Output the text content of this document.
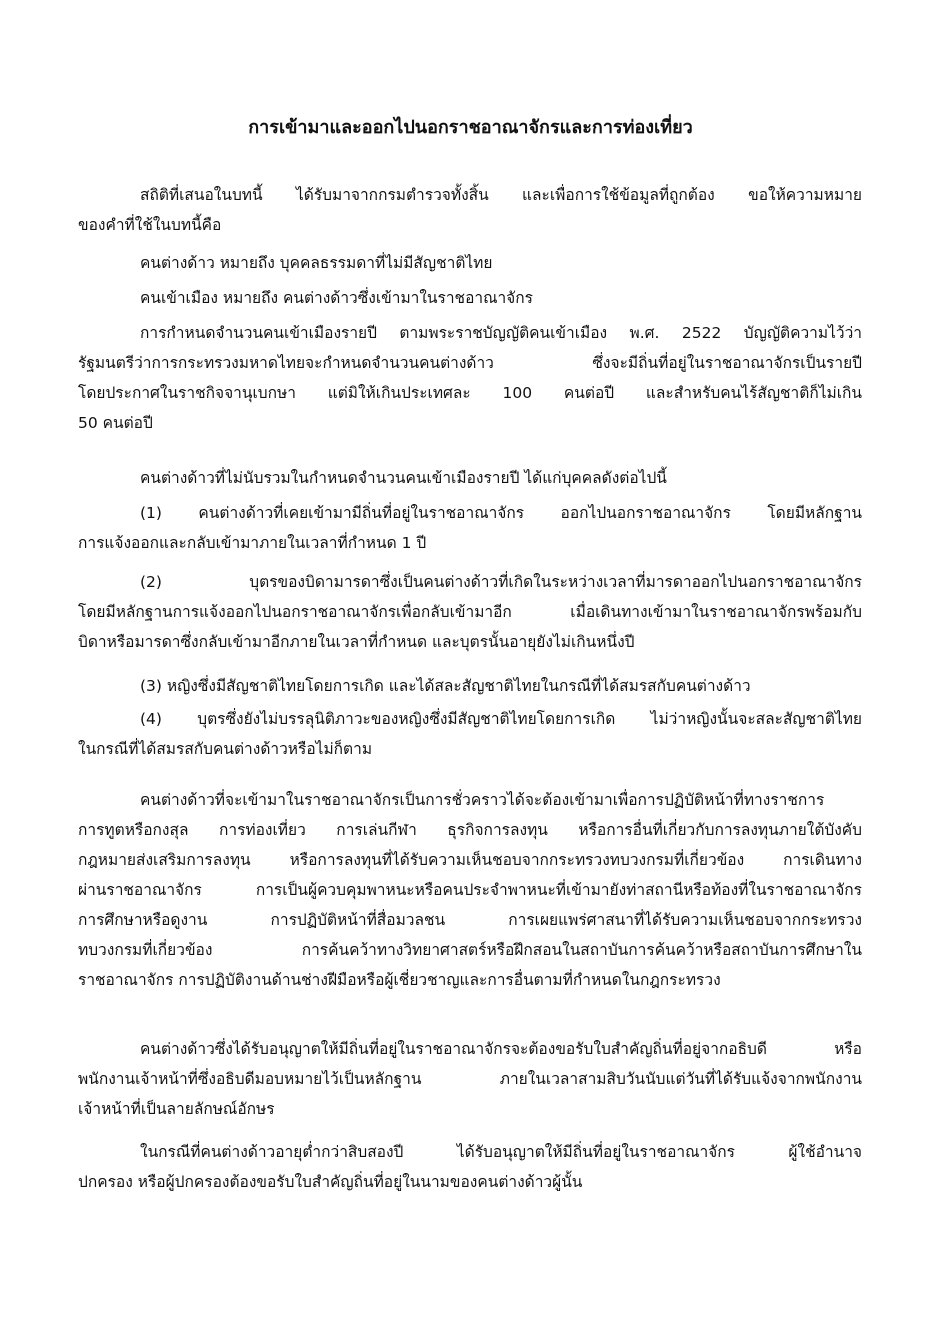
การเข้ามาและออกไปนอกราชอาณาจักรและการท่องเที่ยว
สถิติที่เสนอในบทนี้ ได้รับมาจากกรมตำรวจทั้งสิ้น และเพื่อการใช้ข้อมูลที่ถูกต้อง ขอให้ความหมาย
ของคำที่ใช้ในบทนี้คือ
คนต่างด้าว หมายถึง บุคคลธรรมดาที่ไม่มีสัญชาติไทย
คนเข้าเมือง หมายถึง คนต่างด้าวซึ่งเข้ามาในราชอาณาจักร
การกำหนดจำนวนคนเข้าเมืองรายปี ตามพระราชบัญญัติคนเข้าเมือง พ.ศ. 2522 บัญญัติความไว้ว่า
รัฐมนตรีว่าการกระทรวงมหาดไทยจะกำหนดจำนวนคนต่างด้าว ซึ่งจะมีถิ่นที่อยู่ในราชอาณาจักรเป็นรายปี
โดยประกาศในราชกิจจานุเบกษา แต่มิให้เกินประเทศละ 100 คนต่อปี และสำหรับคนไร้สัญชาติก็ไม่เกิน
50 คนต่อปี
คนต่างด้าวที่ไม่นับรวมในกำหนดจำนวนคนเข้าเมืองรายปี ได้แก่บุคคลดังต่อไปนี้
(1) คนต่างด้าวที่เคยเข้ามามีถิ่นที่อยู่ในราชอาณาจักร ออกไปนอกราชอาณาจักร โดยมีหลักฐาน
การแจ้งออกและกลับเข้ามาภายในเวลาที่กำหนด 1 ปี
(2) บุตรของบิดามารดาซึ่งเป็นคนต่างด้าวที่เกิดในระหว่างเวลาที่มารดาออกไปนอกราชอาณาจักร
โดยมีหลักฐานการแจ้งออกไปนอกราชอาณาจักรเพื่อกลับเข้ามาอีก เมื่อเดินทางเข้ามาในราชอาณาจักรพร้อมกับ
บิดาหรือมารดาซึ่งกลับเข้ามาอีกภายในเวลาที่กำหนด และบุตรนั้นอายุยังไม่เกินหนึ่งปี
(3) หญิงซึ่งมีสัญชาติไทยโดยการเกิด และได้สละสัญชาติไทยในกรณีที่ได้สมรสกับคนต่างด้าว
(4) บุตรซึ่งยังไม่บรรลุนิติภาวะของหญิงซึ่งมีสัญชาติไทยโดยการเกิด ไม่ว่าหญิงนั้นจะสละสัญชาติไทย
ในกรณีที่ได้สมรสกับคนต่างด้าวหรือไม่ก็ตาม
คนต่างด้าวที่จะเข้ามาในราชอาณาจักรเป็นการชั่วคราวได้จะต้องเข้ามาเพื่อการปฏิบัติหน้าที่ทางราชการ
การทูตหรือกงสุล การท่องเที่ยว การเล่นกีฬา ธุรกิจการลงทุน หรือการอื่นที่เกี่ยวกับการลงทุนภายใต้บังคับ
กฎหมายส่งเสริมการลงทุน หรือการลงทุนที่ได้รับความเห็นชอบจากกระทรวงทบวงกรมที่เกี่ยวข้อง การเดินทาง
ผ่านราชอาณาจักร การเป็นผู้ควบคุมพาหนะหรือคนประจำพาหนะที่เข้ามายังท่าสถานีหรือท้องที่ในราชอาณาจักร
การศึกษาหรือดูงาน การปฏิบัติหน้าที่สื่อมวลชน การเผยแพร่ศาสนาที่ได้รับความเห็นชอบจากกระทรวง
ทบวงกรมที่เกี่ยวข้อง การค้นคว้าทางวิทยาศาสตร์หรือฝึกสอนในสถาบันการค้นคว้าหรือสถาบันการศึกษาใน
ราชอาณาจักร การปฏิบัติงานด้านช่างฝีมือหรือผู้เชี่ยวชาญและการอื่นตามที่กำหนดในกฎกระทรวง
คนต่างด้าวซึ่งได้รับอนุญาตให้มีถิ่นที่อยู่ในราชอาณาจักรจะต้องขอรับใบสำคัญถิ่นที่อยู่จากอธิบดี หรือ
พนักงานเจ้าหน้าที่ซึ่งอธิบดีมอบหมายไว้เป็นหลักฐาน ภายในเวลาสามสิบวันนับแต่วันที่ได้รับแจ้งจากพนักงาน
เจ้าหน้าที่เป็นลายลักษณ์อักษร
ในกรณีที่คนต่างด้าวอายุต่ำกว่าสิบสองปี ได้รับอนุญาตให้มีถิ่นที่อยู่ในราชอาณาจักร ผู้ใช้อำนาจ
ปกครอง หรือผู้ปกครองต้องขอรับใบสำคัญถิ่นที่อยู่ในนามของคนต่างด้าวผู้นั้น
